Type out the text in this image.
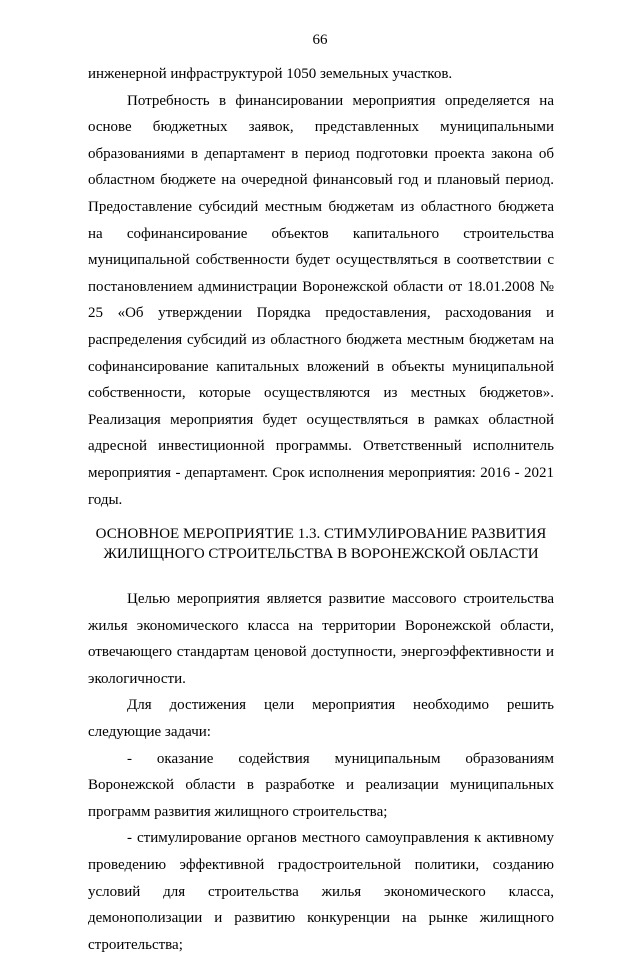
66

инженерной инфраструктурой 1050 земельных участков.

Потребность в финансировании мероприятия определяется на основе бюджетных заявок, представленных муниципальными образованиями в департамент в период подготовки проекта закона об областном бюджете на очередной финансовый год и плановый период. Предоставление субсидий местным бюджетам из областного бюджета на софинансирование объектов капитального строительства муниципальной собственности будет осуществляться в соответствии с постановлением администрации Воронежской области от 18.01.2008 № 25 «Об утверждении Порядка предоставления, расходования и распределения субсидий из областного бюджета местным бюджетам на софинансирование капитальных вложений в объекты муниципальной собственности, которые осуществляются из местных бюджетов». Реализация мероприятия будет осуществляться в рамках областной адресной инвестиционной программы. Ответственный исполнитель мероприятия - департамент. Срок исполнения мероприятия: 2016 - 2021 годы.

ОСНОВНОЕ МЕРОПРИЯТИЕ 1.3. СТИМУЛИРОВАНИЕ РАЗВИТИЯ
ЖИЛИЩНОГО СТРОИТЕЛЬСТВА В ВОРОНЕЖСКОЙ ОБЛАСТИ

Целью мероприятия является развитие массового строительства жилья экономического класса на территории Воронежской области, отвечающего стандартам ценовой доступности, энергоэффективности и экологичности.

Для достижения цели мероприятия необходимо решить следующие задачи:

- оказание содействия муниципальным образованиям Воронежской области в разработке и реализации муниципальных программ развития жилищного строительства;

- стимулирование органов местного самоуправления к активному проведению эффективной градостроительной политики, созданию условий для строительства жилья экономического класса, демонополизации и развитию конкуренции на рынке жилищного строительства;
